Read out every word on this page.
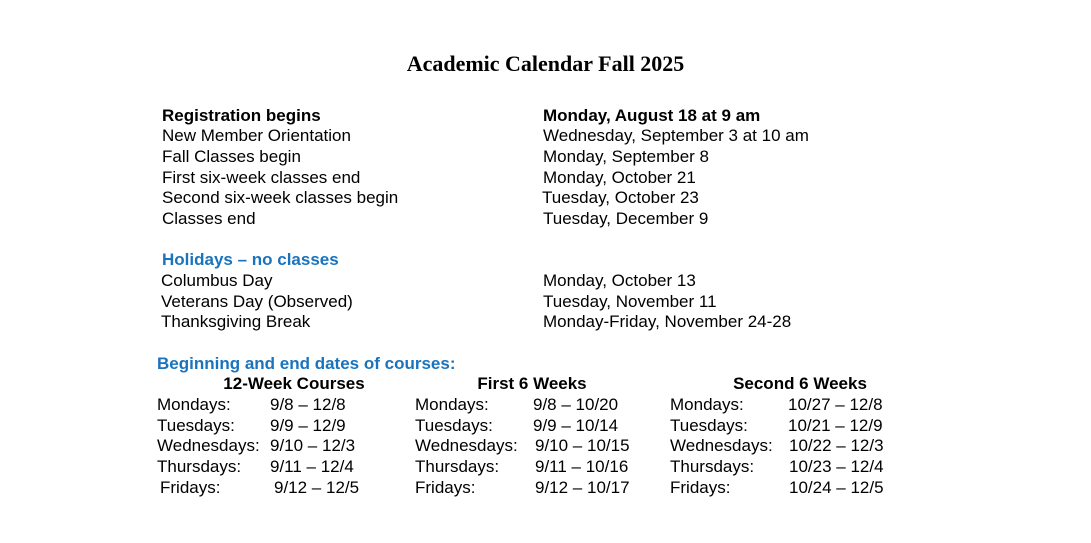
Academic Calendar Fall 2025
Registration begins	Monday, August 18 at 9 am
New Member Orientation	Wednesday, September 3 at 10 am
Fall Classes begin	Monday, September 8
First six-week classes end	Monday, October 21
Second six-week classes begin	Tuesday, October 23
Classes end	Tuesday, December 9
Holidays – no classes
Columbus Day	Monday, October 13
Veterans Day (Observed)	Tuesday, November 11
Thanksgiving Break	Monday-Friday, November 24-28
Beginning and end dates of courses:
12-Week Courses
Mondays: 9/8 – 12/8
Tuesdays: 9/9 – 12/9
Wednesdays: 9/10 – 12/3
Thursdays: 9/11 – 12/4
Fridays:	9/12 – 12/5
First 6 Weeks
Mondays:	9/8 – 10/20
Tuesdays: 9/9 – 10/14
Wednesdays: 9/10 – 10/15
Thursdays: 9/11 – 10/16
Fridays:	9/12 – 10/17
Second 6 Weeks
Mondays:	10/27 – 12/8
Tuesdays: 10/21 – 12/9
Wednesdays: 10/22 – 12/3
Thursdays: 10/23 – 12/4
Fridays:	10/24 – 12/5
